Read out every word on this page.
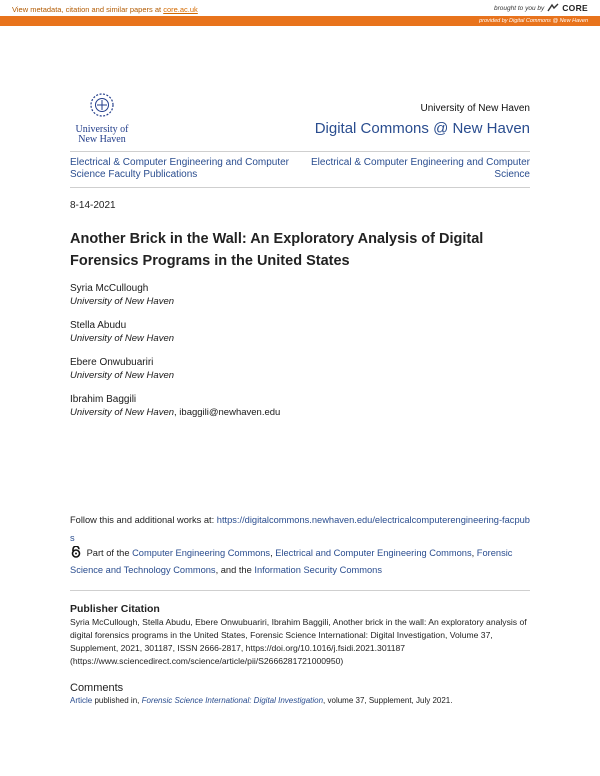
View metadata, citation and similar papers at core.ac.uk	brought to you by CORE
provided by Digital Commons @ New Haven
University of
New Haven
University of New Haven
Digital Commons @ New Haven
Electrical & Computer Engineering and Computer Science Faculty Publications
Electrical & Computer Engineering and Computer Science
8-14-2021
Another Brick in the Wall: An Exploratory Analysis of Digital Forensics Programs in the United States
Syria McCullough
University of New Haven
Stella Abudu
University of New Haven
Ebere Onwubuariri
University of New Haven
Ibrahim Baggili
University of New Haven, ibaggili@newhaven.edu
Follow this and additional works at: https://digitalcommons.newhaven.edu/electricalcomputerengineering-facpubs
Part of the Computer Engineering Commons, Electrical and Computer Engineering Commons, Forensic Science and Technology Commons, and the Information Security Commons
Publisher Citation
Syria McCullough, Stella Abudu, Ebere Onwubuariri, Ibrahim Baggili, Another brick in the wall: An exploratory analysis of digital forensics programs in the United States, Forensic Science International: Digital Investigation, Volume 37, Supplement, 2021, 301187, ISSN 2666-2817, https://doi.org/10.1016/j.fsidi.2021.301187 (https://www.sciencedirect.com/science/article/pii/S2666281721000950)
Comments
Article published in, Forensic Science International: Digital Investigation, volume 37, Supplement, July 2021.
